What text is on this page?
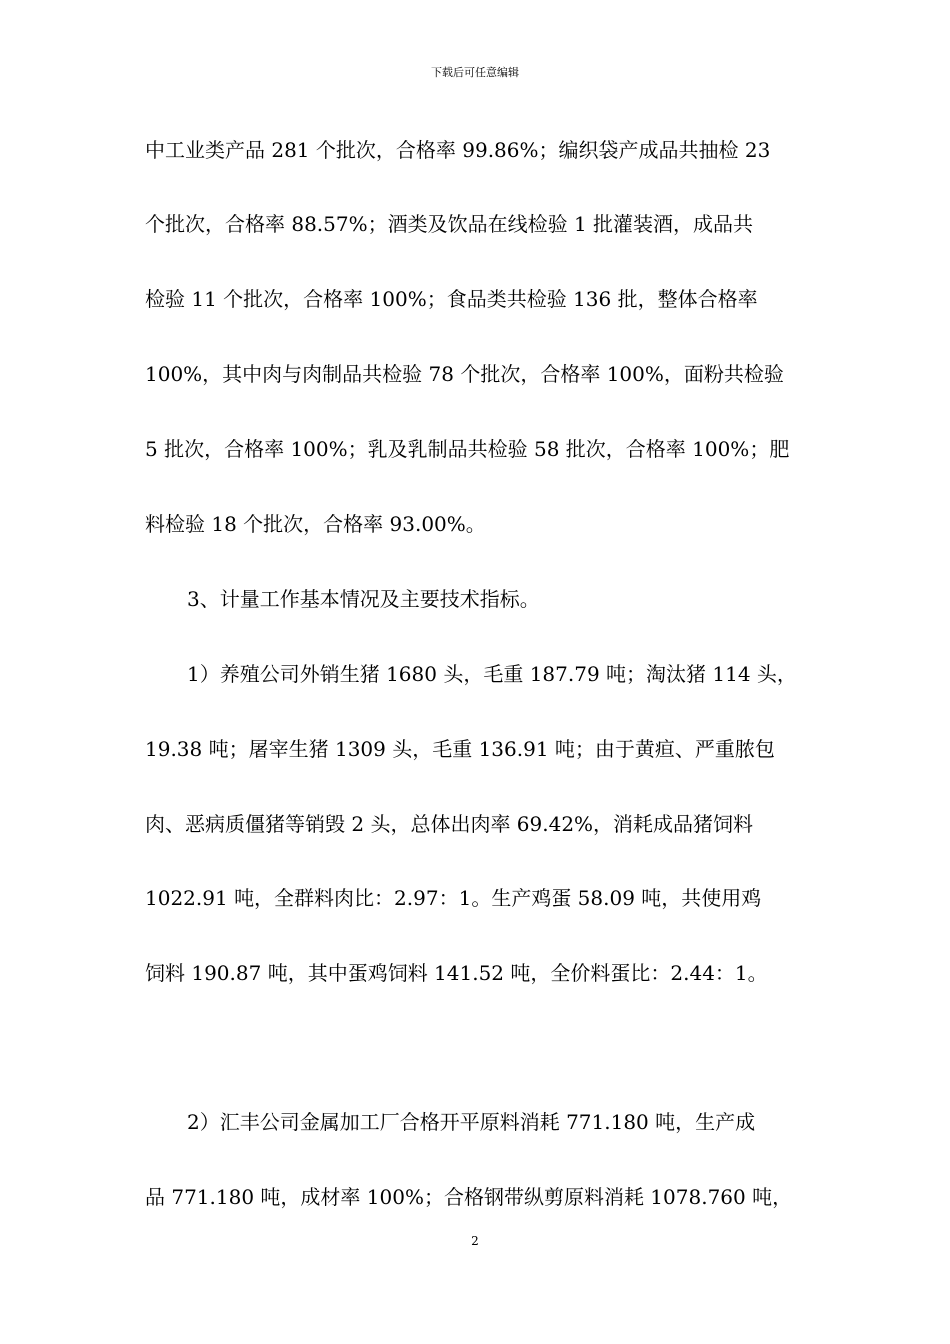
下载后可任意编辑
中工业类产品 281 个批次，合格率 99.86%；编织袋产成品共抽检 23
个批次，合格率 88.57%；酒类及饮品在线检验 1 批灌装酒，成品共
检验 11 个批次，合格率 100%；食品类共检验 136 批，整体合格率
100%，其中肉与肉制品共检验 78 个批次，合格率 100%，面粉共检验
5 批次，合格率 100%；乳及乳制品共检验 58 批次，合格率 100%；肥
料检验 18 个批次，合格率 93.00%。
3、计量工作基本情况及主要技术指标。
1）养殖公司外销生猪 1680 头，毛重 187.79 吨；淘汰猪 114 头，
19.38 吨；屠宰生猪 1309 头，毛重 136.91 吨；由于黄疸、严重脓包
肉、恶病质僵猪等销毁 2 头，总体出肉率 69.42%，消耗成品猪饲料
1022.91 吨，全群料肉比：2.97：1。生产鸡蛋 58.09 吨，共使用鸡
饲料 190.87 吨，其中蛋鸡饲料 141.52 吨，全价料蛋比：2.44：1。
2）汇丰公司金属加工厂合格开平原料消耗 771.180 吨，生产成
品 771.180 吨，成材率 100%；合格钢带纵剪原料消耗 1078.760 吨，
2
